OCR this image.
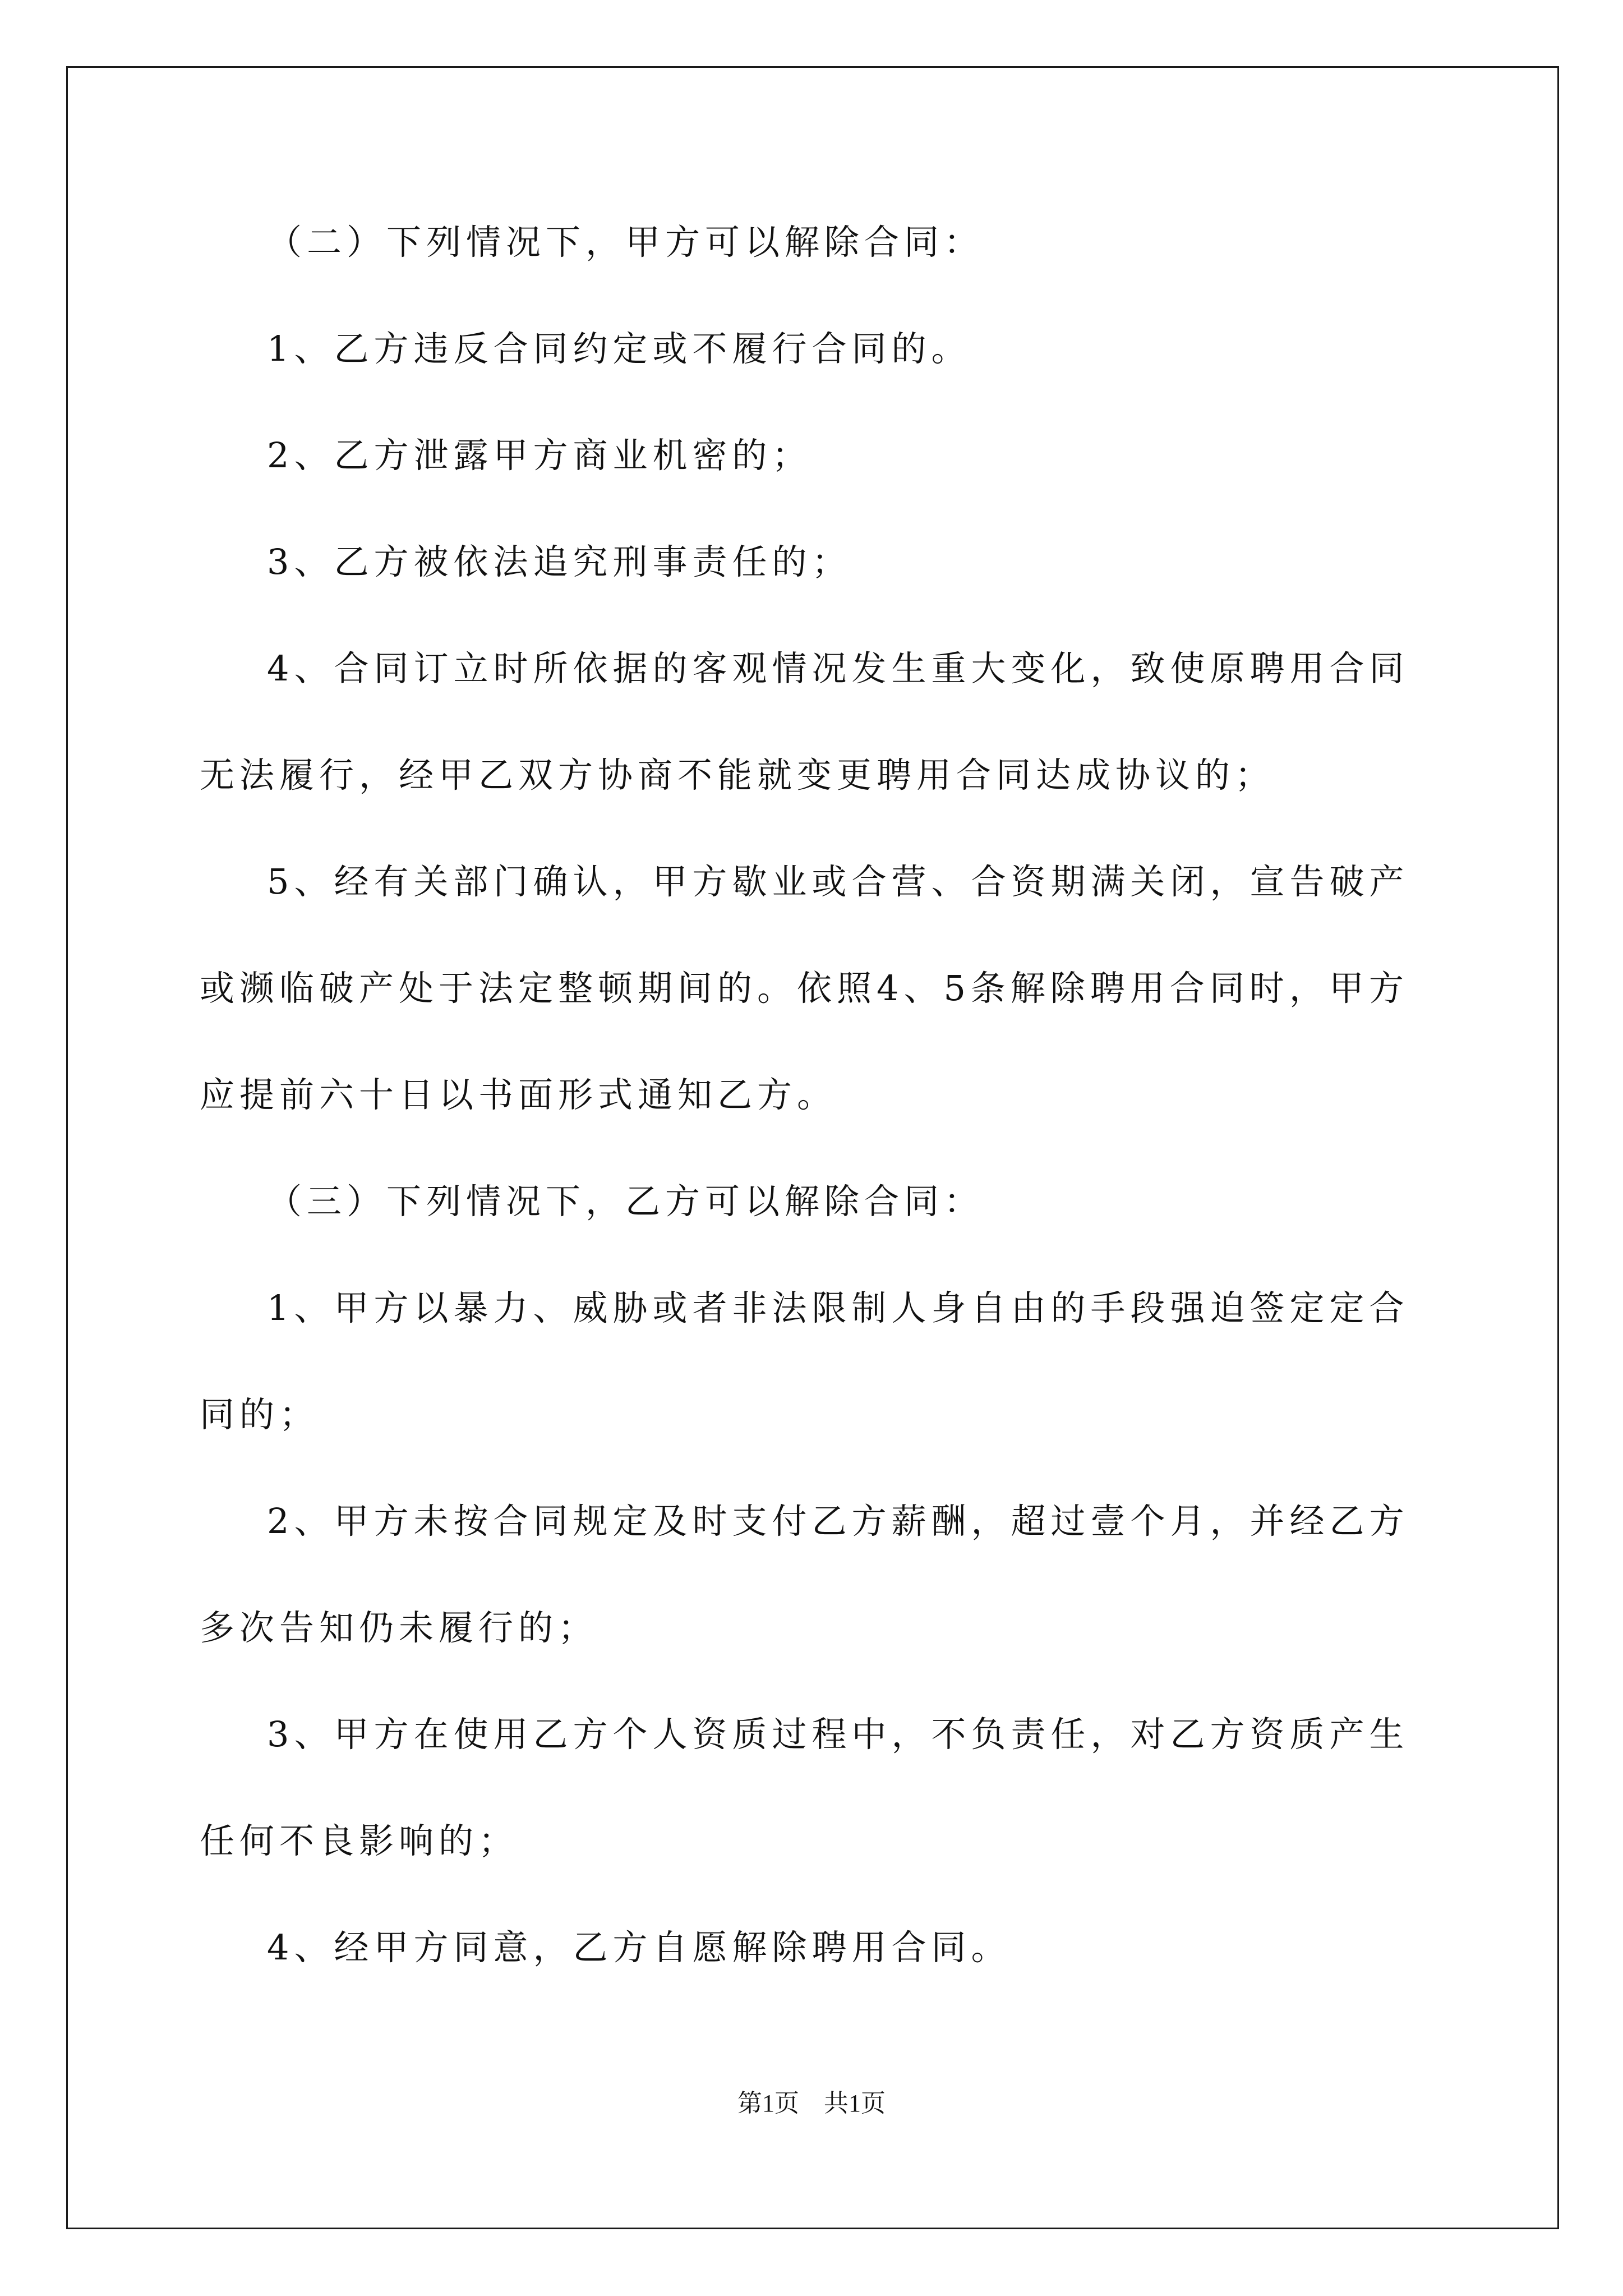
（二）下列情况下，甲方可以解除合同：
1、乙方违反合同约定或不履行合同的。
2、乙方泄露甲方商业机密的；
3、乙方被依法追究刑事责任的；
4、合同订立时所依据的客观情况发生重大变化，致使原聘用合同
无法履行，经甲乙双方协商不能就变更聘用合同达成协议的；
5、经有关部门确认，甲方歇业或合营、合资期满关闭，宣告破产
或濒临破产处于法定整顿期间的。依照4、5条解除聘用合同时，甲方
应提前六十日以书面形式通知乙方。
（三）下列情况下，乙方可以解除合同：
1、甲方以暴力、威胁或者非法限制人身自由的手段强迫签定定合
同的；
2、甲方未按合同规定及时支付乙方薪酬，超过壹个月，并经乙方
多次告知仍未履行的；
3、甲方在使用乙方个人资质过程中，不负责任，对乙方资质产生
任何不良影响的；
4、经甲方同意，乙方自愿解除聘用合同。
第1页　共1页
